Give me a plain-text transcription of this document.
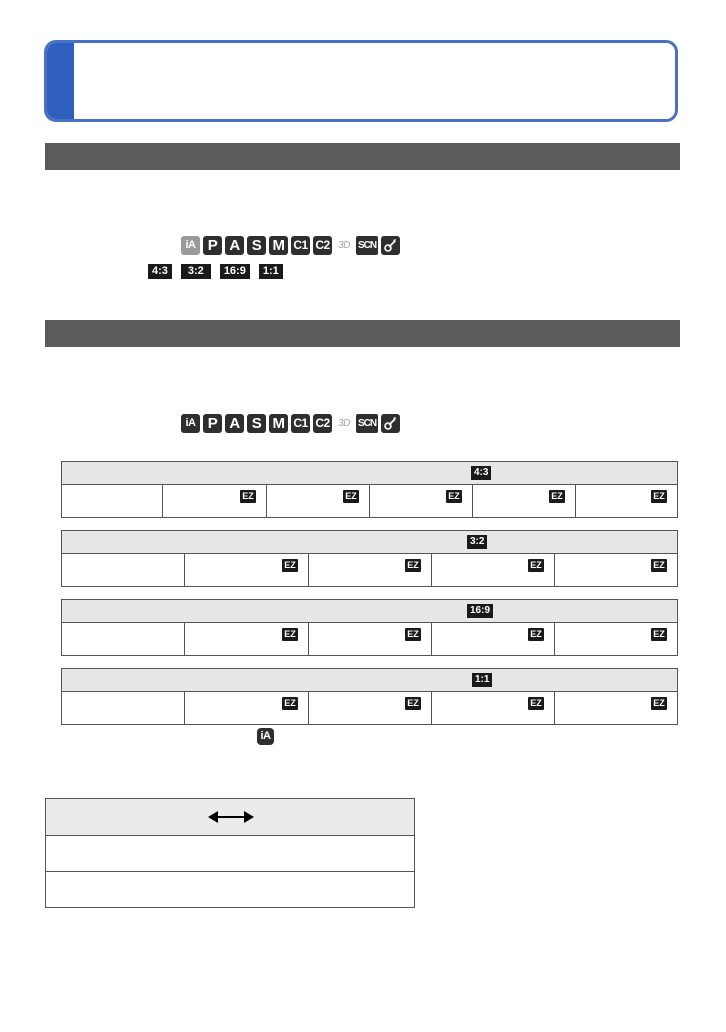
iA P A S M C1 C2 3D SCN
4:3	3:2	16:9	1:1
iA P A S M C1 C2 3D SCN
4:3
EZ	EZ	EZ	EZ	EZ
3:2
EZ	EZ	EZ	EZ
16:9
EZ	EZ	EZ	EZ
1:1
EZ	EZ	EZ	EZ
iA
